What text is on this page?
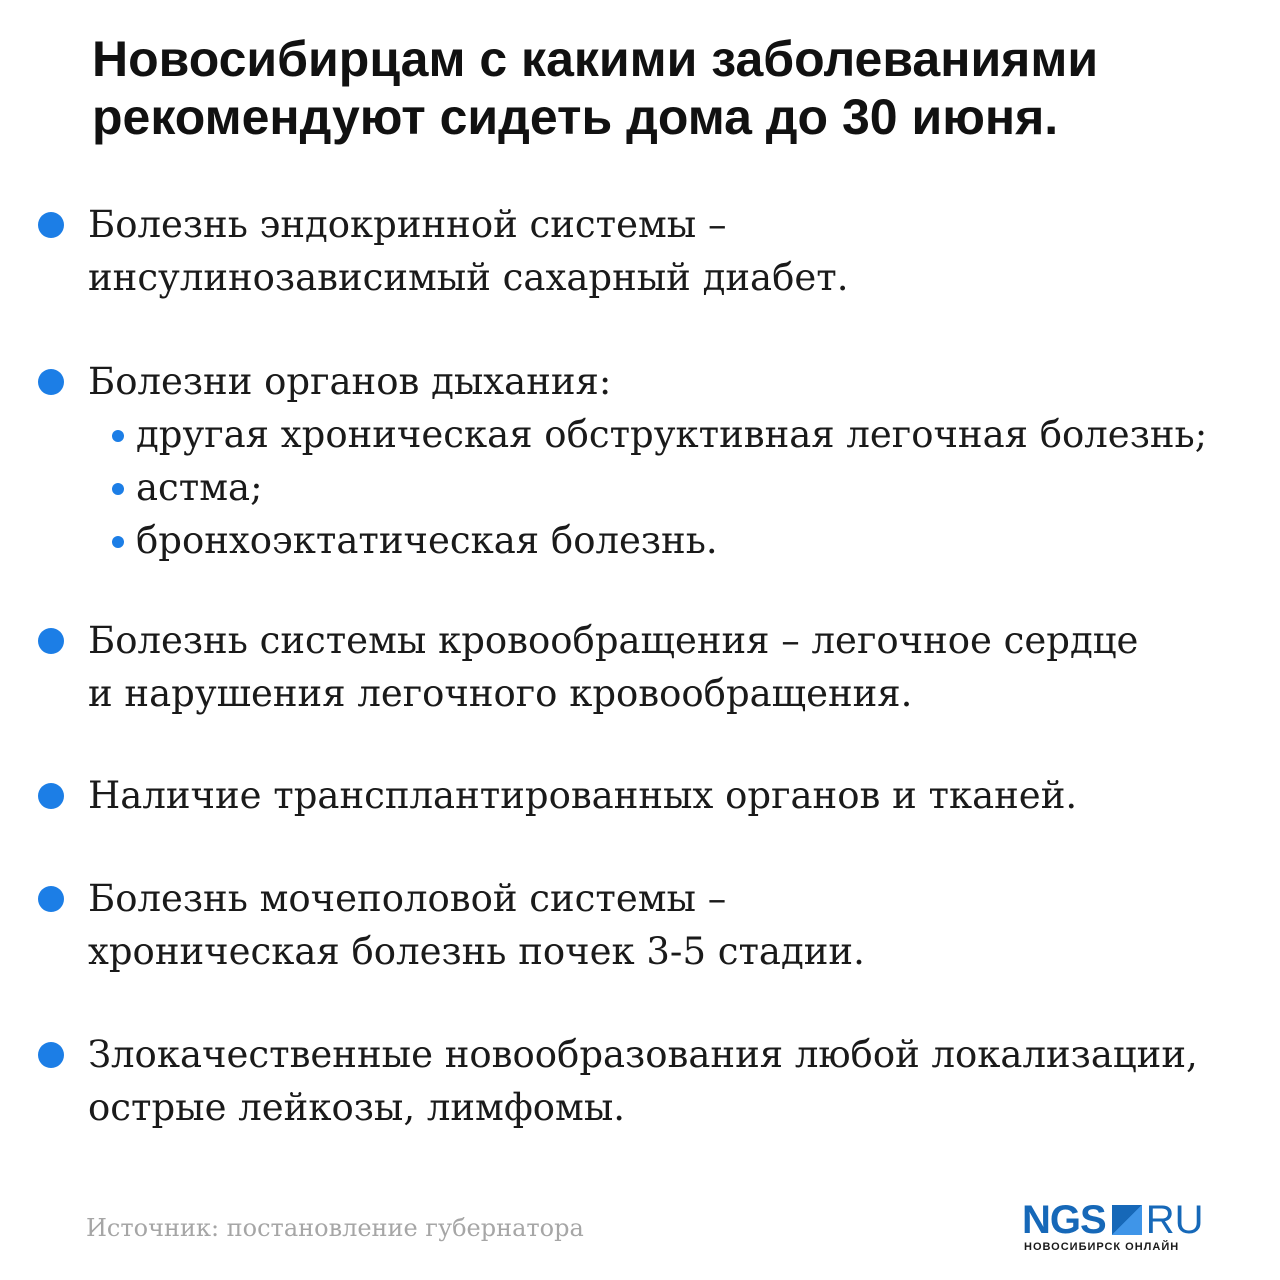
Новосибирцам с какими заболеваниями
рекомендуют сидеть дома до 30 июня.

Болезнь эндокринной системы –
инсулинозависимый сахарный диабет.

Болезни органов дыхания:

другая хроническая обструктивная легочная болезнь;
астма;
бронхоэктатическая болезнь.

Болезнь системы кровообращения – легочное сердце
и нарушения легочного кровообращения.

Наличие трансплантированных органов и тканей.

Болезнь мочеполовой системы –
хроническая болезнь почек 3-5 стадии.

Злокачественные новообразования любой локализации,
острые лейкозы, лимфомы.

Источник: постановление губернатора	NGS RU
НОВОСИБИРСК ОНЛАЙН
